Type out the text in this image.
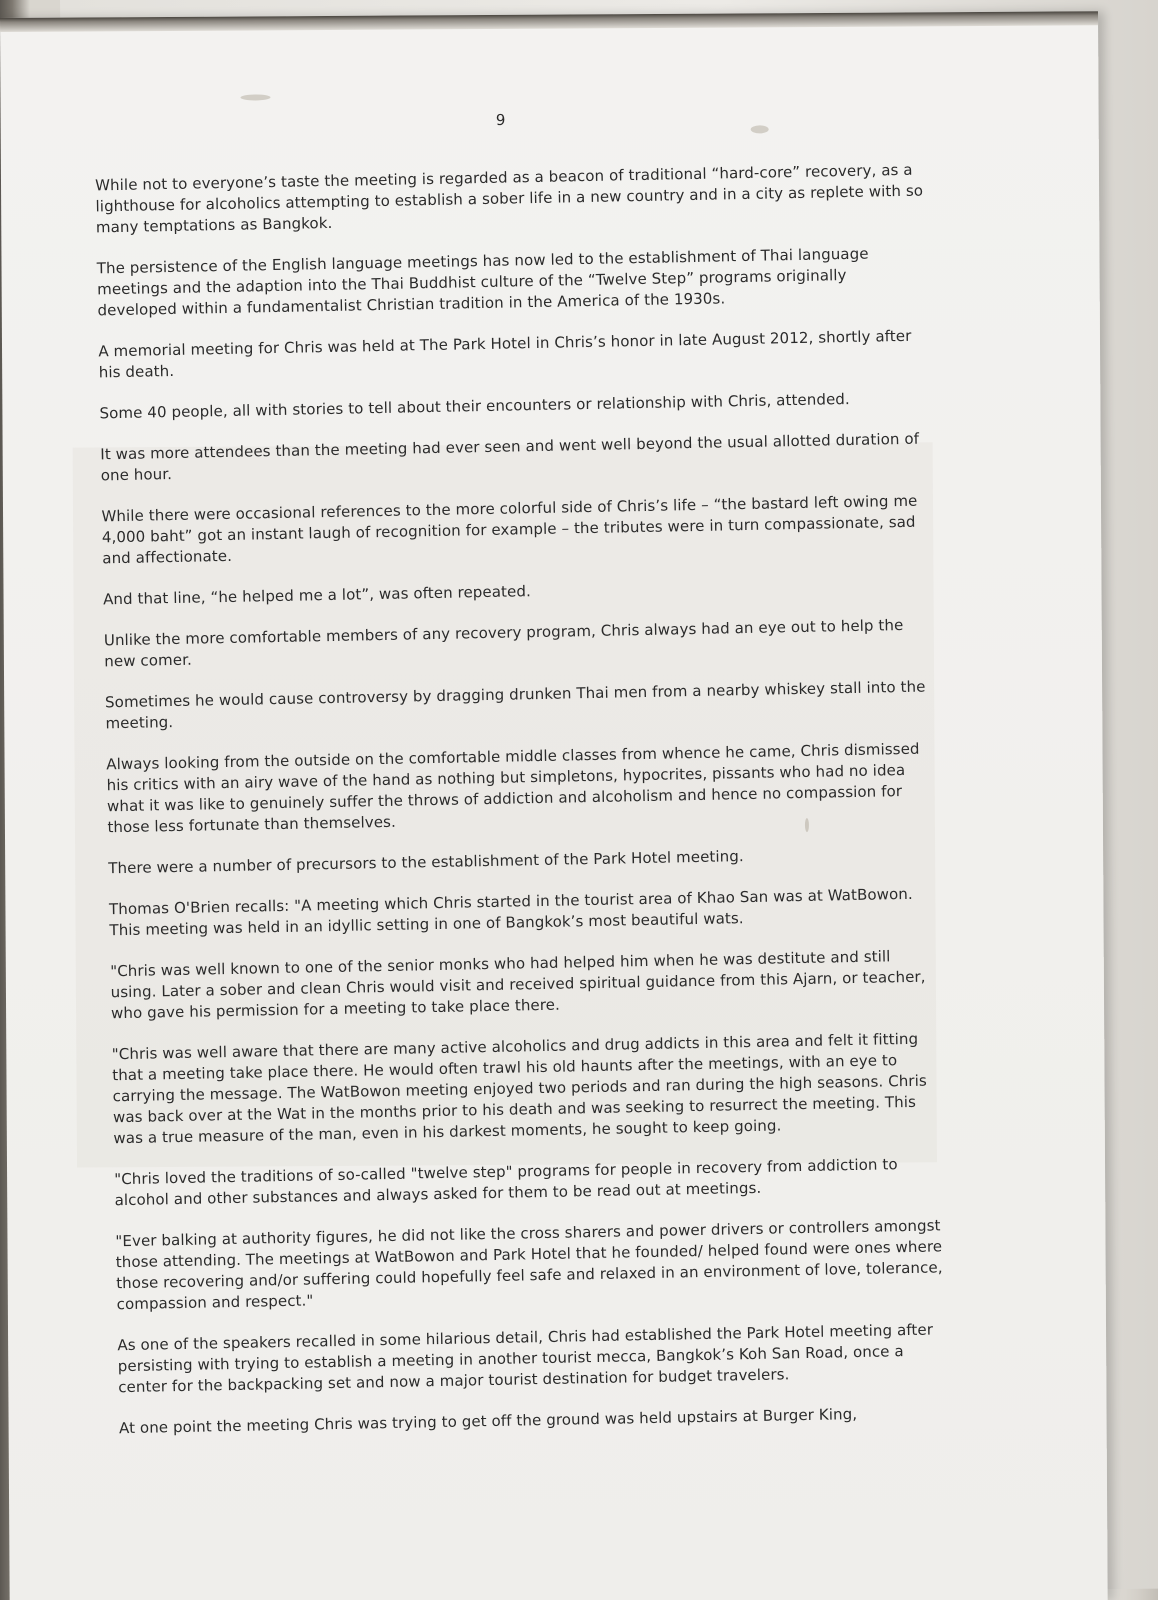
9

While not to everyone’s taste the meeting is regarded as a beacon of traditional “hard-core” recovery, as a lighthouse for alcoholics attempting to establish a sober life in a new country and in a city as replete with so many temptations as Bangkok.

The persistence of the English language meetings has now led to the establishment of Thai language meetings and the adaption into the Thai Buddhist culture of the “Twelve Step” programs originally developed within a fundamentalist Christian tradition in the America of the 1930s.

A memorial meeting for Chris was held at The Park Hotel in Chris’s honor in late August 2012, shortly after his death.

Some 40 people, all with stories to tell about their encounters or relationship with Chris, attended.

It was more attendees than the meeting had ever seen and went well beyond the usual allotted duration of one hour.

While there were occasional references to the more colorful side of Chris’s life – “the bastard left owing me 4,000 baht” got an instant laugh of recognition for example – the tributes were in turn compassionate, sad and affectionate.

And that line, “he helped me a lot”, was often repeated.

Unlike the more comfortable members of any recovery program, Chris always had an eye out to help the new comer.

Sometimes he would cause controversy by dragging drunken Thai men from a nearby whiskey stall into the meeting.

Always looking from the outside on the comfortable middle classes from whence he came, Chris dismissed his critics with an airy wave of the hand as nothing but simpletons, hypocrites, pissants who had no idea what it was like to genuinely suffer the throws of addiction and alcoholism and hence no compassion for those less fortunate than themselves.

There were a number of precursors to the establishment of the Park Hotel meeting.

Thomas O'Brien recalls: "A meeting which Chris started in the tourist area of Khao San was at WatBowon. This meeting was held in an idyllic setting in one of Bangkok’s most beautiful wats.

"Chris was well known to one of the senior monks who had helped him when he was destitute and still using. Later a sober and clean Chris would visit and received spiritual guidance from this Ajarn, or teacher, who gave his permission for a meeting to take place there.

"Chris was well aware that there are many active alcoholics and drug addicts in this area and felt it fitting that a meeting take place there. He would often trawl his old haunts after the meetings, with an eye to carrying the message. The WatBowon meeting enjoyed two periods and ran during the high seasons. Chris was back over at the Wat in the months prior to his death and was seeking to resurrect the meeting. This was a true measure of the man, even in his darkest moments, he sought to keep going.

"Chris loved the traditions of so-called "twelve step" programs for people in recovery from addiction to alcohol and other substances and always asked for them to be read out at meetings.

"Ever balking at authority figures, he did not like the cross sharers and power drivers or controllers amongst those attending. The meetings at WatBowon and Park Hotel that he founded/ helped found were ones where those recovering and/or suffering could hopefully feel safe and relaxed in an environment of love, tolerance, compassion and respect."

As one of the speakers recalled in some hilarious detail, Chris had established the Park Hotel meeting after persisting with trying to establish a meeting in another tourist mecca, Bangkok’s Koh San Road, once a center for the backpacking set and now a major tourist destination for budget travelers.

At one point the meeting Chris was trying to get off the ground was held upstairs at Burger King,
